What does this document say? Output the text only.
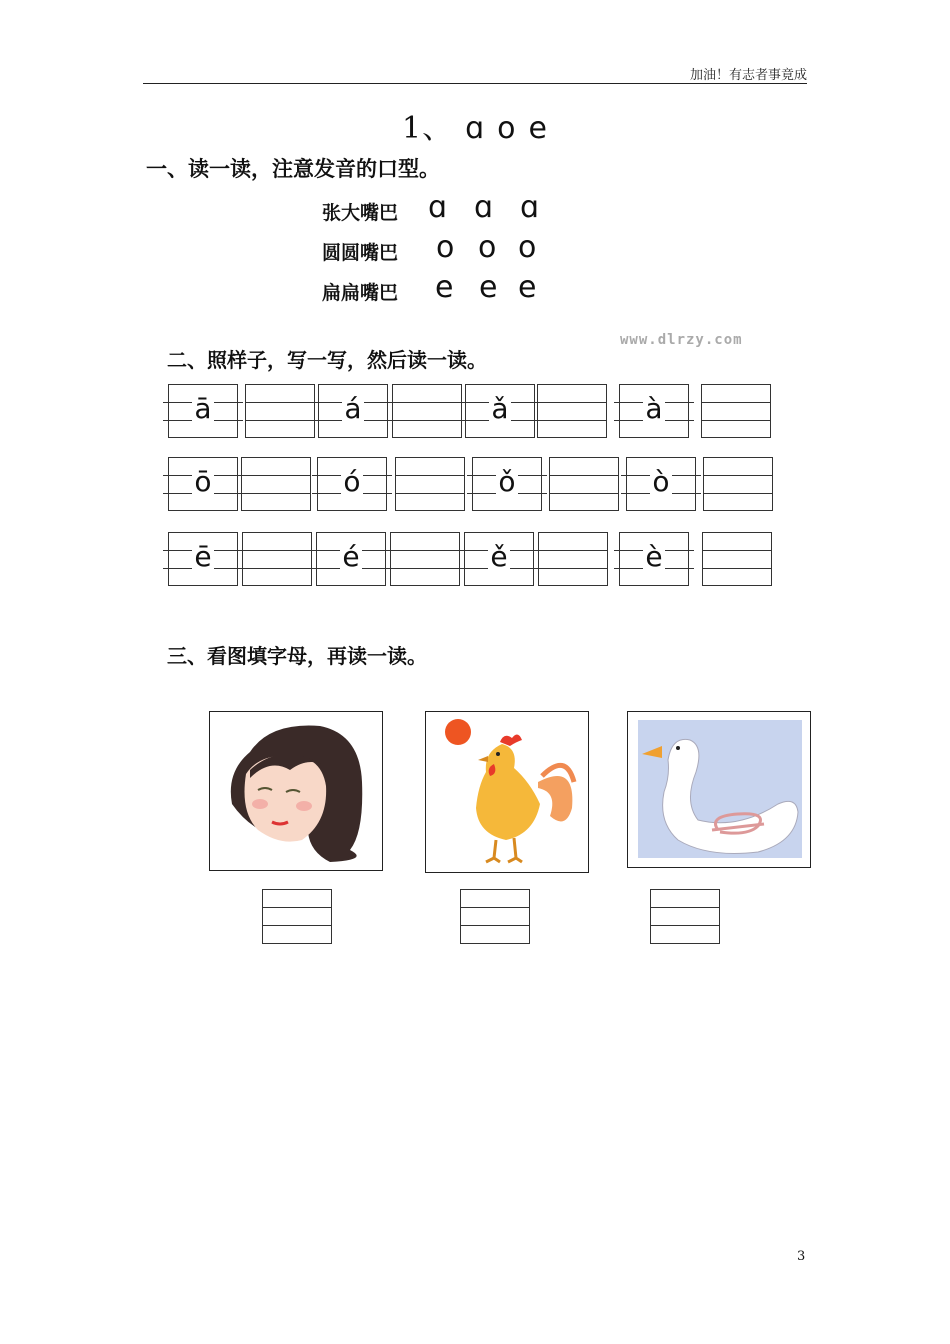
加油！有志者事竟成
1、 ɑ o e
一、读一读，注意发音的口型。
张大嘴巴 ɑ ɑ ɑ
圆圆嘴巴 o o o
扁扁嘴巴 e e e
www.dlrzy.com
二、照样子，写一写，然后读一读。
ā	á	ǎ	à
ō	ó	ǒ	ò
ē	é	ě	è
三、看图填字母，再读一读。
3
